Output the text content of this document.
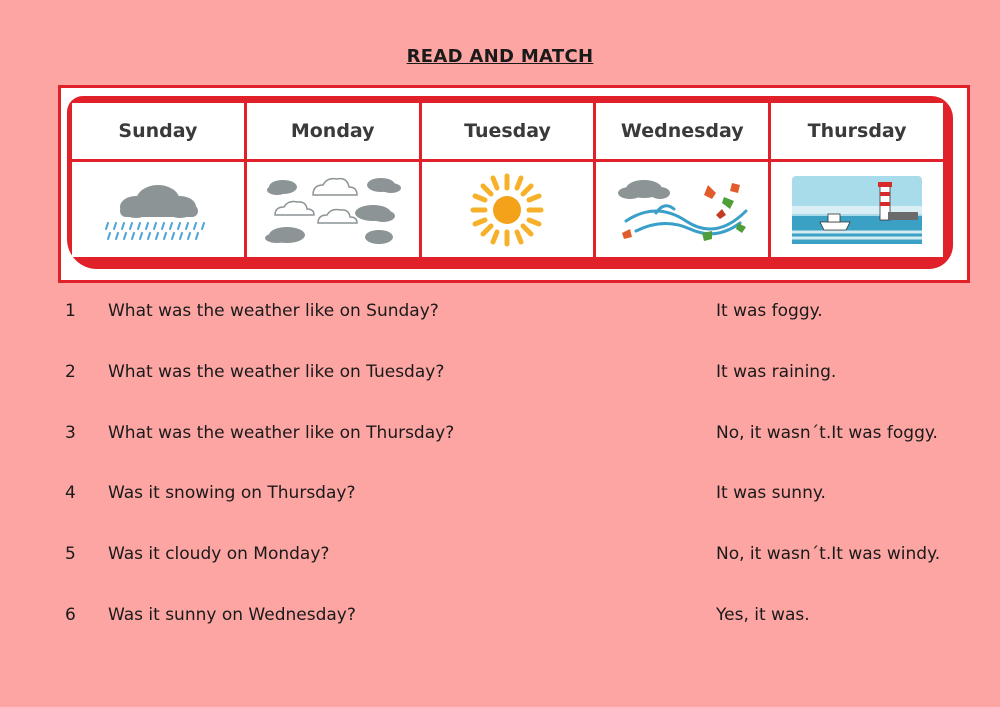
READ AND MATCH
Sunday	Monday	Tuesday	Wednesday	Thursday
1 What was the weather like on Sunday?	It was foggy.
2 What was the weather like on Tuesday?	It was raining.
3 What was the weather like on Thursday?	No, it wasn´t.It was foggy.
4 Was it snowing on Thursday?	It was sunny.
5 Was it cloudy on Monday?	No, it wasn´t.It was windy.
6 Was it sunny on Wednesday?	Yes, it was.
